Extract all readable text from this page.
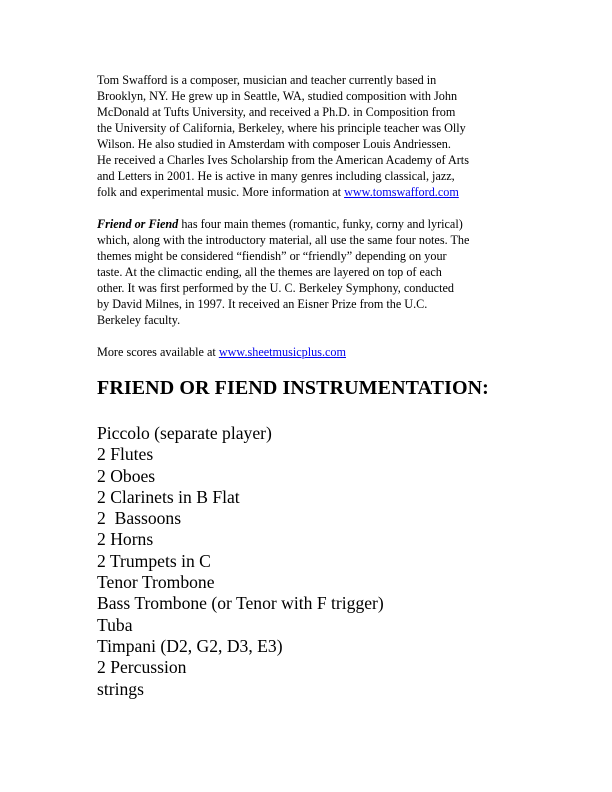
Tom Swafford is a composer, musician and teacher currently based in
Brooklyn, NY. He grew up in Seattle, WA, studied composition with John
McDonald at Tufts University, and received a Ph.D. in Composition from
the University of California, Berkeley, where his principle teacher was Olly
Wilson. He also studied in Amsterdam with composer Louis Andriessen.
He received a Charles Ives Scholarship from the American Academy of Arts
and Letters in 2001. He is active in many genres including classical, jazz,
folk and experimental music. More information at www.tomswafford.com

Friend or Fiend has four main themes (romantic, funky, corny and lyrical)
which, along with the introductory material, all use the same four notes. The
themes might be considered “fiendish” or “friendly” depending on your
taste. At the climactic ending, all the themes are layered on top of each
other. It was first performed by the U. C. Berkeley Symphony, conducted
by David Milnes, in 1997. It received an Eisner Prize from the U.C.
Berkeley faculty.

More scores available at www.sheetmusicplus.com

FRIEND OR FIEND INSTRUMENTATION:
Piccolo (separate player)
2 Flutes
2 Oboes
2 Clarinets in B Flat
2  Bassoons
2 Horns
2 Trumpets in C
Tenor Trombone
Bass Trombone (or Tenor with F trigger)
Tuba
Timpani (D2, G2, D3, E3)
2 Percussion
strings
